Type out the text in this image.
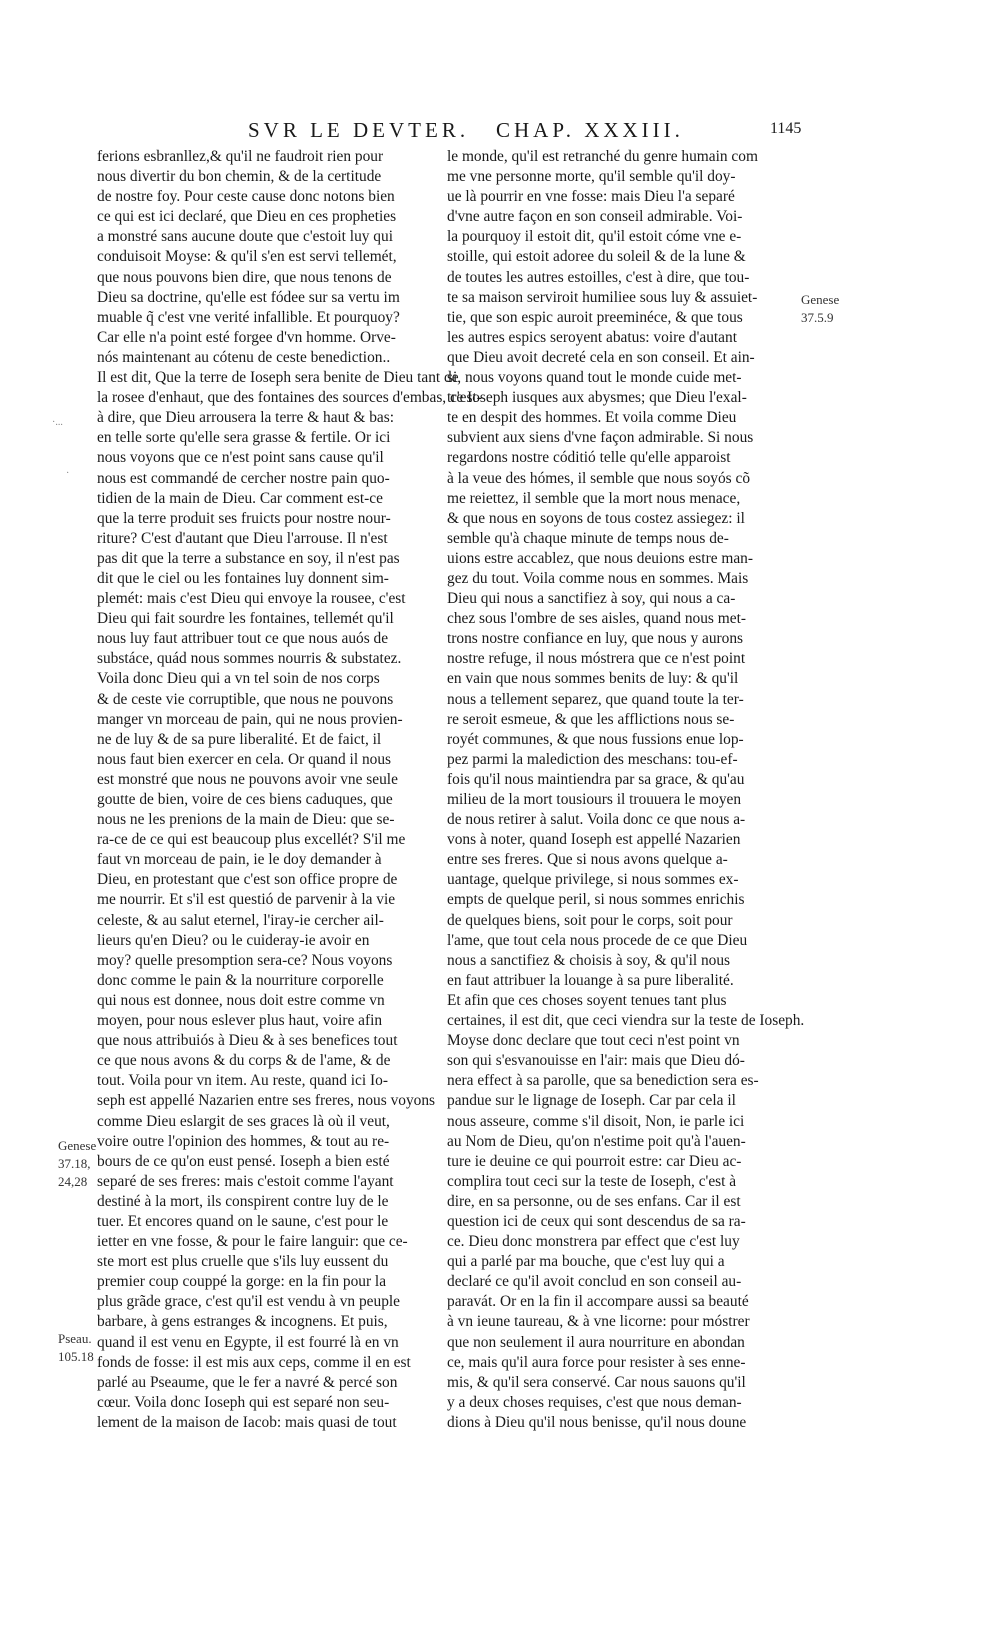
SVR LE DEVTER. CHAP. XXXIII.	1145
ferions esbranllez,& qu'il ne faudroit rien pour
nous divertir du bon chemin, & de la certitude
de nostre foy. Pour ceste cause donc notons bien
ce qui est ici declaré, que Dieu en ces propheties
a monstré sans aucune doute que c'estoit luy qui
conduisoit Moyse: & qu'il s'en est servi tellemét,
que nous pouvons bien dire, que nous tenons de
Dieu sa doctrine, qu'elle est fódee sur sa vertu im
muable q̃ c'est vne verité infallible. Et pourquoy?
Car elle n'a point esté forgee d'vn homme. Orve-
nós maintenant au cótenu de ceste benediction..
Il est dit, Que la terre de Ioseph sera benite de Dieu tant de
la rosee d'enhaut, que des fontaines des sources d'embas, c'est-
à dire, que Dieu arrousera la terre & haut & bas:
en telle sorte qu'elle sera grasse & fertile. Or ici
nous voyons que ce n'est point sans cause qu'il
nous est commandé de cercher nostre pain quo-
tidien de la main de Dieu. Car comment est-ce
que la terre produit ses fruicts pour nostre nour-
riture? C'est d'autant que Dieu l'arrouse. Il n'est
pas dit que la terre a substance en soy, il n'est pas
dit que le ciel ou les fontaines luy donnent sim-
plemét: mais c'est Dieu qui envoye la rousee, c'est
Dieu qui fait sourdre les fontaines, tellemét qu'il
nous luy faut attribuer tout ce que nous auós de
substáce, quád nous sommes nourris & substatez.
Voila donc Dieu qui a vn tel soin de nos corps
& de ceste vie corruptible, que nous ne pouvons
manger vn morceau de pain, qui ne nous provien-
ne de luy & de sa pure liberalité. Et de faict, il
nous faut bien exercer en cela. Or quand il nous
est monstré que nous ne pouvons avoir vne seule
goutte de bien, voire de ces biens caduques, que
nous ne les prenions de la main de Dieu: que se-
ra-ce de ce qui est beaucoup plus excellét? S'il me
faut vn morceau de pain, ie le doy demander à
Dieu, en protestant que c'est son office propre de
me nourrir. Et s'il est questió de parvenir à la vie
celeste, & au salut eternel, l'iray-ie cercher ail-
lieurs qu'en Dieu? ou le cuideray-ie avoir en
moy? quelle presomption sera-ce? Nous voyons
donc comme le pain & la nourriture corporelle
qui nous est donnee, nous doit estre comme vn
moyen, pour nous eslever plus haut, voire afin
que nous attribuiós à Dieu & à ses benefices tout
ce que nous avons & du corps & de l'ame, & de
tout. Voila pour vn item. Au reste, quand ici Io-
seph est appellé Nazarien entre ses freres, nous voyons
comme Dieu eslargit de ses graces là où il veut,
voire outre l'opinion des hommes, & tout au re-
bours de ce qu'on eust pensé. Ioseph a bien esté
separé de ses freres: mais c'estoit comme l'ayant
destiné à la mort, ils conspirent contre luy de le
tuer. Et encores quand on le saune, c'est pour le
ietter en vne fosse, & pour le faire languir: que ce-
ste mort est plus cruelle que s'ils luy eussent du
premier coup couppé la gorge: en la fin pour la
plus grãde grace, c'est qu'il est vendu à vn peuple
barbare, à gens estranges & incognens. Et puis,
quand il est venu en Egypte, il est fourré là en vn
fonds de fosse: il est mis aux ceps, comme il en est
parlé au Pseaume, que le fer a navré & percé son
cœur. Voila donc Ioseph qui est separé non seu-
lement de la maison de Iacob: mais quasi de tout
le monde, qu'il est retranché du genre humain com
me vne personne morte, qu'il semble qu'il doy-
ue là pourrir en vne fosse: mais Dieu l'a separé
d'vne autre façon en son conseil admirable. Voi-
la pourquoy il estoit dit, qu'il estoit cóme vne e-
stoille, qui estoit adoree du soleil & de la lune &
de toutes les autres estoilles, c'est à dire, que tou-
te sa maison serviroit humiliee sous luy & assuiet-
tie, que son espic auroit preeminéce, & que tous
les autres espics seroyent abatus: voire d'autant
que Dieu avoit decreté cela en son conseil. Et ain-
si, nous voyons quand tout le monde cuide met-
tre Ioseph iusques aux abysmes; que Dieu l'exal-
te en despit des hommes. Et voila comme Dieu
subvient aux siens d'vne façon admirable. Si nous
regardons nostre códitió telle qu'elle apparoist
à la veue des hómes, il semble que nous soyós cõ
me reiettez, il semble que la mort nous menace,
& que nous en soyons de tous costez assiegez: il
semble qu'à chaque minute de temps nous de-
uions estre accablez, que nous deuions estre man-
gez du tout. Voila comme nous en sommes. Mais
Dieu qui nous a sanctifiez à soy, qui nous a ca-
chez sous l'ombre de ses aisles, quand nous met-
trons nostre confiance en luy, que nous y aurons
nostre refuge, il nous móstrera que ce n'est point
en vain que nous sommes benits de luy: & qu'il
nous a tellement separez, que quand toute la ter-
re seroit esmeue, & que les afflictions nous se-
royét communes, & que nous fussions enue lop-
pez parmi la malediction des meschans: tou-ef-
fois qu'il nous maintiendra par sa grace, & qu'au
milieu de la mort tousiours il trouuera le moyen
de nous retirer à salut. Voila donc ce que nous a-
vons à noter, quand Ioseph est appellé Nazarien
entre ses freres. Que si nous avons quelque a-
uantage, quelque privilege, si nous sommes ex-
empts de quelque peril, si nous sommes enrichis
de quelques biens, soit pour le corps, soit pour
l'ame, que tout cela nous procede de ce que Dieu
nous a sanctifiez & choisis à soy, & qu'il nous
en faut attribuer la louange à sa pure liberalité.
Et afin que ces choses soyent tenues tant plus
certaines, il est dit, que ceci viendra sur la teste de Ioseph.
Moyse donc declare que tout ceci n'est point vn
son qui s'esvanouisse en l'air: mais que Dieu dó-
nera effect à sa parolle, que sa benediction sera es-
pandue sur le lignage de Ioseph. Car par cela il
nous asseure, comme s'il disoit, Non, ie parle ici
au Nom de Dieu, qu'on n'estime poit qu'à l'auen-
ture ie deuine ce qui pourroit estre: car Dieu ac-
complira tout ceci sur la teste de Ioseph, c'est à
dire, en sa personne, ou de ses enfans. Car il est
question ici de ceux qui sont descendus de sa ra-
ce. Dieu donc monstrera par effect que c'est luy
qui a parlé par ma bouche, que c'est luy qui a
declaré ce qu'il avoit conclud en son conseil au-
paravát. Or en la fin il accompare aussi sa beauté
à vn ieune taureau, & à vne licorne: pour móstrer
que non seulement il aura nourriture en abondan
ce, mais qu'il aura force pour resister à ses enne-
mis, & qu'il sera conservé. Car nous sauons qu'il
y a deux choses requises, c'est que nous deman-
dions à Dieu qu'il nous benisse, qu'il nous doune
Genese
37.5.9
Genese
37.18,
24,28
Pseau.
105.18
·...
·
